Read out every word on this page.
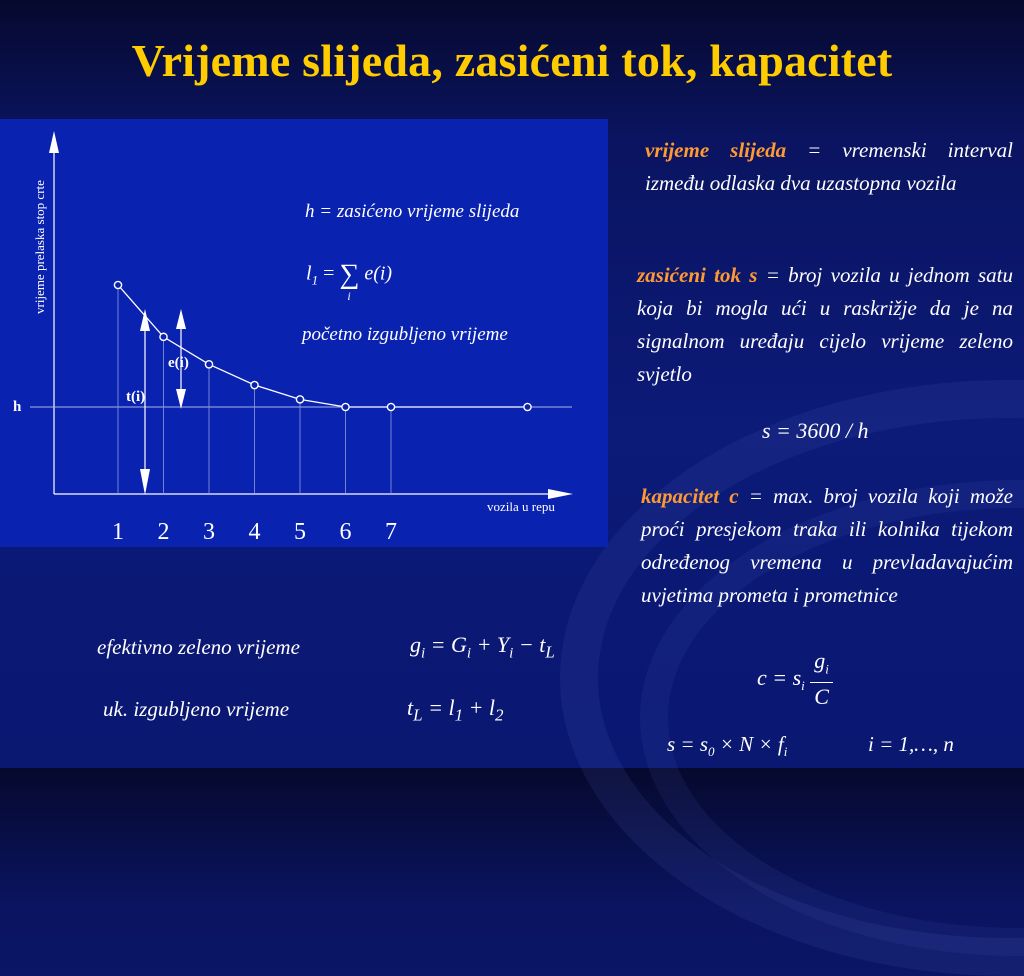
Vrijeme slijeda, zasićeni tok, kapacitet
vrijeme prelaska stop crte
vozila u repu
h
t(i)
e(i)
1 2 3 4 5 6 7
h = zasićeno vrijeme slijeda
$l_1$ = ∑
i
e(i)
početno izgubljeno vrijeme
vrijeme slijeda = vremenski interval između odlaska dva uzastopna vozila
zasićeni tok s = broj vozila u jednom satu koja bi mogla ući u raskrižje da je na signalnom uređaju cijelo vrijeme zeleno svjetlo
s = 3600 / h
kapacitet c = max. broj vozila koji može proći presjekom traka ili kolnika tijekom određenog vremena u prevladavajućim uvjetima prometa i prometnice
$c = s_i \frac{g_i}{C}$
$s = s_0 \times N \times f_i$	i = 1,…, n
efektivno zeleno vrijeme	$g_i = G_i + Y_i - t_L$
uk. izgubljeno vrijeme	$t_L = l_1 + l_2$
